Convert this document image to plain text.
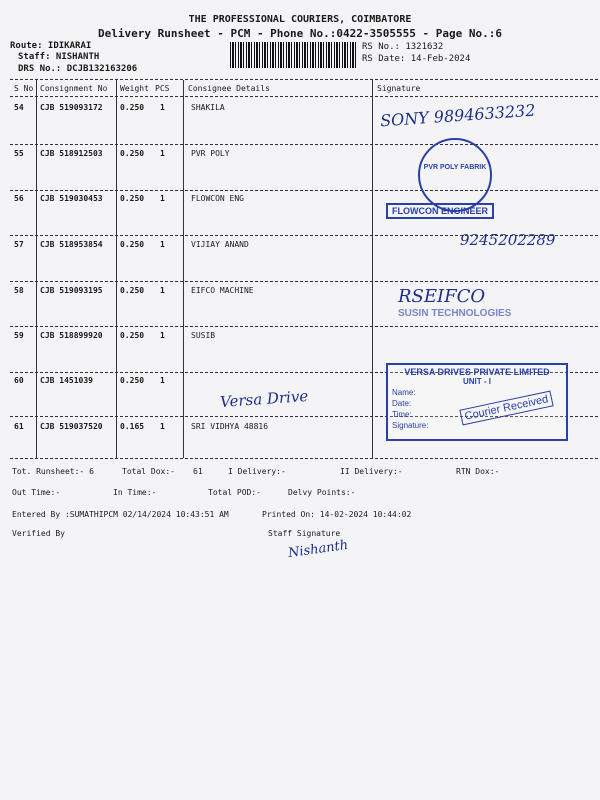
THE PROFESSIONAL COURIERS, COIMBATORE
Delivery Runsheet - PCM - Phone No.:0422-3505555 - Page No.:6
Route: IDIKARAI
Staff: NISHANTH
DRS No.: DCJB132163206
RS No.: 1321632
RS Date: 14-Feb-2024
S No Consignment No Weight PCS Consignee Details	Signature
54 CJB 519093172 0.250 1	SHAKILA
55 CJB 518912503 0.250 1	PVR POLY
56 CJB 519030453 0.250 1	FLOWCON ENG
57 CJB 518953854 0.250 1	VIJIAY ANAND
58 CJB 519093195 0.250 1	EIFCO MACHINE
59 CJB 518899920 0.250 1	SUSIB
60 CJB 1451039	0.250 1
61 CJB 519037520 0.165 1	SRI VIDHYA 48816
SONY 9894633232
PVR POLY FABRIK
FLOWCON ENGINEER
9245202289
RSEIFCO
SUSIN TECHNOLOGIES
Versa Drive
VERSA DRIVES PRIVATE LIMITED
UNIT - I
Name:
Date:
Time:
Signature:
Courier Received
Tot. Runsheet:- 6	Total Dox:- 61	I Delivery:-	II Delivery:-	RTN Dox:-
Out Time:-	In Time:-	Total POD:-	Delvy Points:-
Entered By :SUMATHIPCM 02/14/2024 10:43:51 AM	Printed On: 14-02-2024 10:44:02
Verified By	Staff Signature
Nishanth
